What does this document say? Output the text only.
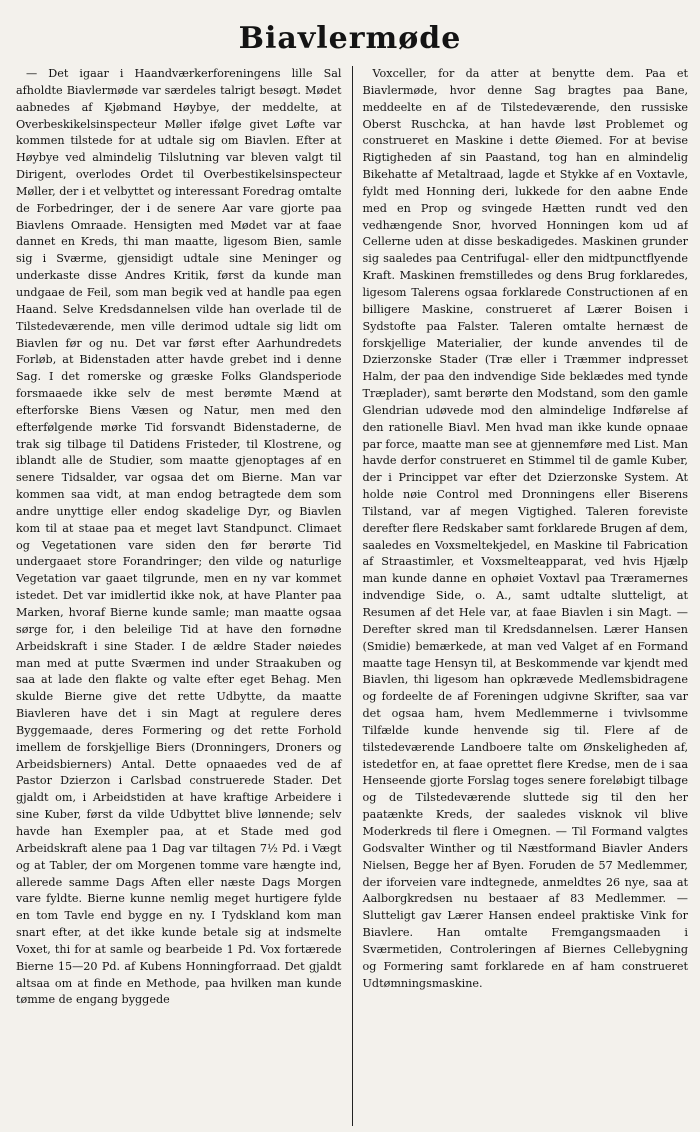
Biavlermøde

— Det igaar i Haandværkerforeningens lille Sal afholdte Biavlermøde var særdeles talrigt besøgt. Mødet aabnedes af Kjøbmand Høybye, der meddelte, at Overbeskikelsinspecteur Møller ifølge givet Løfte var kommen tilstede for at udtale sig om Biavlen. Efter at Høybye ved almindelig Tilslutning var bleven valgt til Dirigent, overlodes Ordet til Overbestikelsinspecteur Møller, der i et velbyttet og interessant Foredrag omtalte de Forbedringer, der i de senere Aar vare gjorte paa Biavlens Omraade. Hensigten med Mødet var at faae dannet en Kreds, thi man maatte, ligesom Bien, samle sig i Sværme, gjensidigt udtale sine Meninger og underkaste disse Andres Kritik, først da kunde man undgaae de Feil, som man begik ved at handle paa egen Haand. Selve Kredsdannelsen vilde han overlade til de Tilstedeværende, men ville derimod udtale sig lidt om Biavlen før og nu. Det var først efter Aarhundredets Forløb, at Bidenstaden atter havde grebet ind i denne Sag. I det romerske og græske Folks Glandsperiode forsmaaede ikke selv de mest berømte Mænd at efterforske Biens Væsen og Natur, men med den efterfølgende mørke Tid forsvandt Bidenstaderne, de trak sig tilbage til Datidens Fristeder, til Klostrene, og iblandt alle de Studier, som maatte gjenoptages af en senere Tidsalder, var ogsaa det om Bierne. Man var kommen saa vidt, at man endog betragtede dem som andre unyttige eller endog skadelige Dyr, og Biavlen kom til at staae paa et meget lavt Standpunct. Climaet og Vegetationen vare siden den før berørte Tid undergaaet store Forandringer; den vilde og naturlige Vegetation var gaaet tilgrunde, men en ny var kommet istedet. Det var imidlertid ikke nok, at have Planter paa Marken, hvoraf Bierne kunde samle; man maatte ogsaa sørge for, i den beleilige Tid at have den fornødne Arbeidskraft i sine Stader. I de ældre Stader nøiedes man med at putte Sværmen ind under Straakuben og saa at lade den flakte og valte efter eget Behag. Men skulde Bierne give det rette Udbytte, da maatte Biavleren have det i sin Magt at regulere deres Byggemaade, deres Formering og det rette Forhold imellem de forskjellige Biers (Dronningers, Droners og Arbeidsbierners) Antal. Dette opnaaedes ved de af Pastor Dzierzon i Carlsbad construerede Stader. Det gjaldt om, i Arbeidstiden at have kraftige Arbeidere i sine Kuber, først da vilde Udbyttet blive lønnende; selv havde han Exempler paa, at et Stade med god Arbeidskraft alene paa 1 Dag var tiltagen 7½ Pd. i Vægt og at Tabler, der om Morgenen tomme vare hængte ind, allerede samme Dags Aften eller næste Dags Morgen vare fyldte. Bierne kunne nemlig meget hurtigere fylde en tom Tavle end bygge en ny. I Tydskland kom man snart efter, at det ikke kunde betale sig at indsmelte Voxet, thi for at samle og bearbeide 1 Pd. Vox fortærede Bierne 15—20 Pd. af Kubens Honningforraad. Det gjaldt altsaa om at finde en Methode, paa hvilken man kunde tømme de engang byggede

Voxceller, for da atter at benytte dem. Paa et Biavlermøde, hvor denne Sag bragtes paa Bane, meddeelte en af de Tilstedeværende, den russiske Oberst Ruschcka, at han havde løst Problemet og construeret en Maskine i dette Øiemed. For at bevise Rigtigheden af sin Paastand, tog han en almindelig Bikehatte af Metaltraad, lagde et Stykke af en Voxtavle, fyldt med Honning deri, lukkede for den aabne Ende med en Prop og svingede Hætten rundt ved den vedhængende Snor, hvorved Honningen kom ud af Cellerne uden at disse beskadigedes. Maskinen grunder sig saaledes paa Centrifugal- eller den midtpunctflyende Kraft. Maskinen fremstilledes og dens Brug forklaredes, ligesom Talerens ogsaa forklarede Constructionen af en billigere Maskine, construeret af Lærer Boisen i Sydstofte paa Falster. Taleren omtalte hernæst de forskjellige Materialier, der kunde anvendes til de Dzierzonske Stader (Træ eller i Træmmer indpresset Halm, der paa den indvendige Side beklædes med tynde Træplader), samt berørte den Modstand, som den gamle Glendrian udøvede mod den almindelige Indførelse af den rationelle Biavl. Men hvad man ikke kunde opnaae par force, maatte man see at gjennemføre med List. Man havde derfor construeret en Stimmel til de gamle Kuber, der i Princippet var efter det Dzierzonske System. At holde nøie Control med Dronningens eller Biserens Tilstand, var af megen Vigtighed. Taleren foreviste derefter flere Redskaber samt forklarede Brugen af dem, saaledes en Voxsmeltekjedel, en Maskine til Fabrication af Straastimler, et Voxsmelteapparat, ved hvis Hjælp man kunde danne en ophøiet Voxtavl paa Træramernes indvendige Side, o. A., samt udtalte slutteligt, at Resumen af det Hele var, at faae Biavlen i sin Magt. — Derefter skred man til Kredsdannelsen. Lærer Hansen (Smidie) bemærkede, at man ved Valget af en Formand maatte tage Hensyn til, at Beskommende var kjendt med Biavlen, thi ligesom han opkrævede Medlemsbidragene og fordeelte de af Foreningen udgivne Skrifter, saa var det ogsaa ham, hvem Medlemmerne i tvivlsomme Tilfælde kunde henvende sig til. Flere af de tilstedeværende Landboere talte om Ønskeligheden af, istedetfor en, at faae oprettet flere Kredse, men de i saa Henseende gjorte Forslag toges senere foreløbigt tilbage og de Tilstedeværende sluttede sig til den her paatænkte Kreds, der saaledes visknok vil blive Moderkreds til flere i Omegnen. — Til Formand valgtes Godsvalter Winther og til Næstformand Biavler Anders Nielsen, Begge her af Byen. Foruden de 57 Medlemmer, der iforveien vare indtegnede, anmeldtes 26 nye, saa at Aalborgkredsen nu bestaaer af 83 Medlemmer. — Slutteligt gav Lærer Hansen endeel praktiske Vink for Biavlere. Han omtalte Fremgangsmaaden i Sværmetiden, Controleringen af Biernes Cellebygning og Formering samt forklarede en af ham construeret Udtømningsmaskine.
